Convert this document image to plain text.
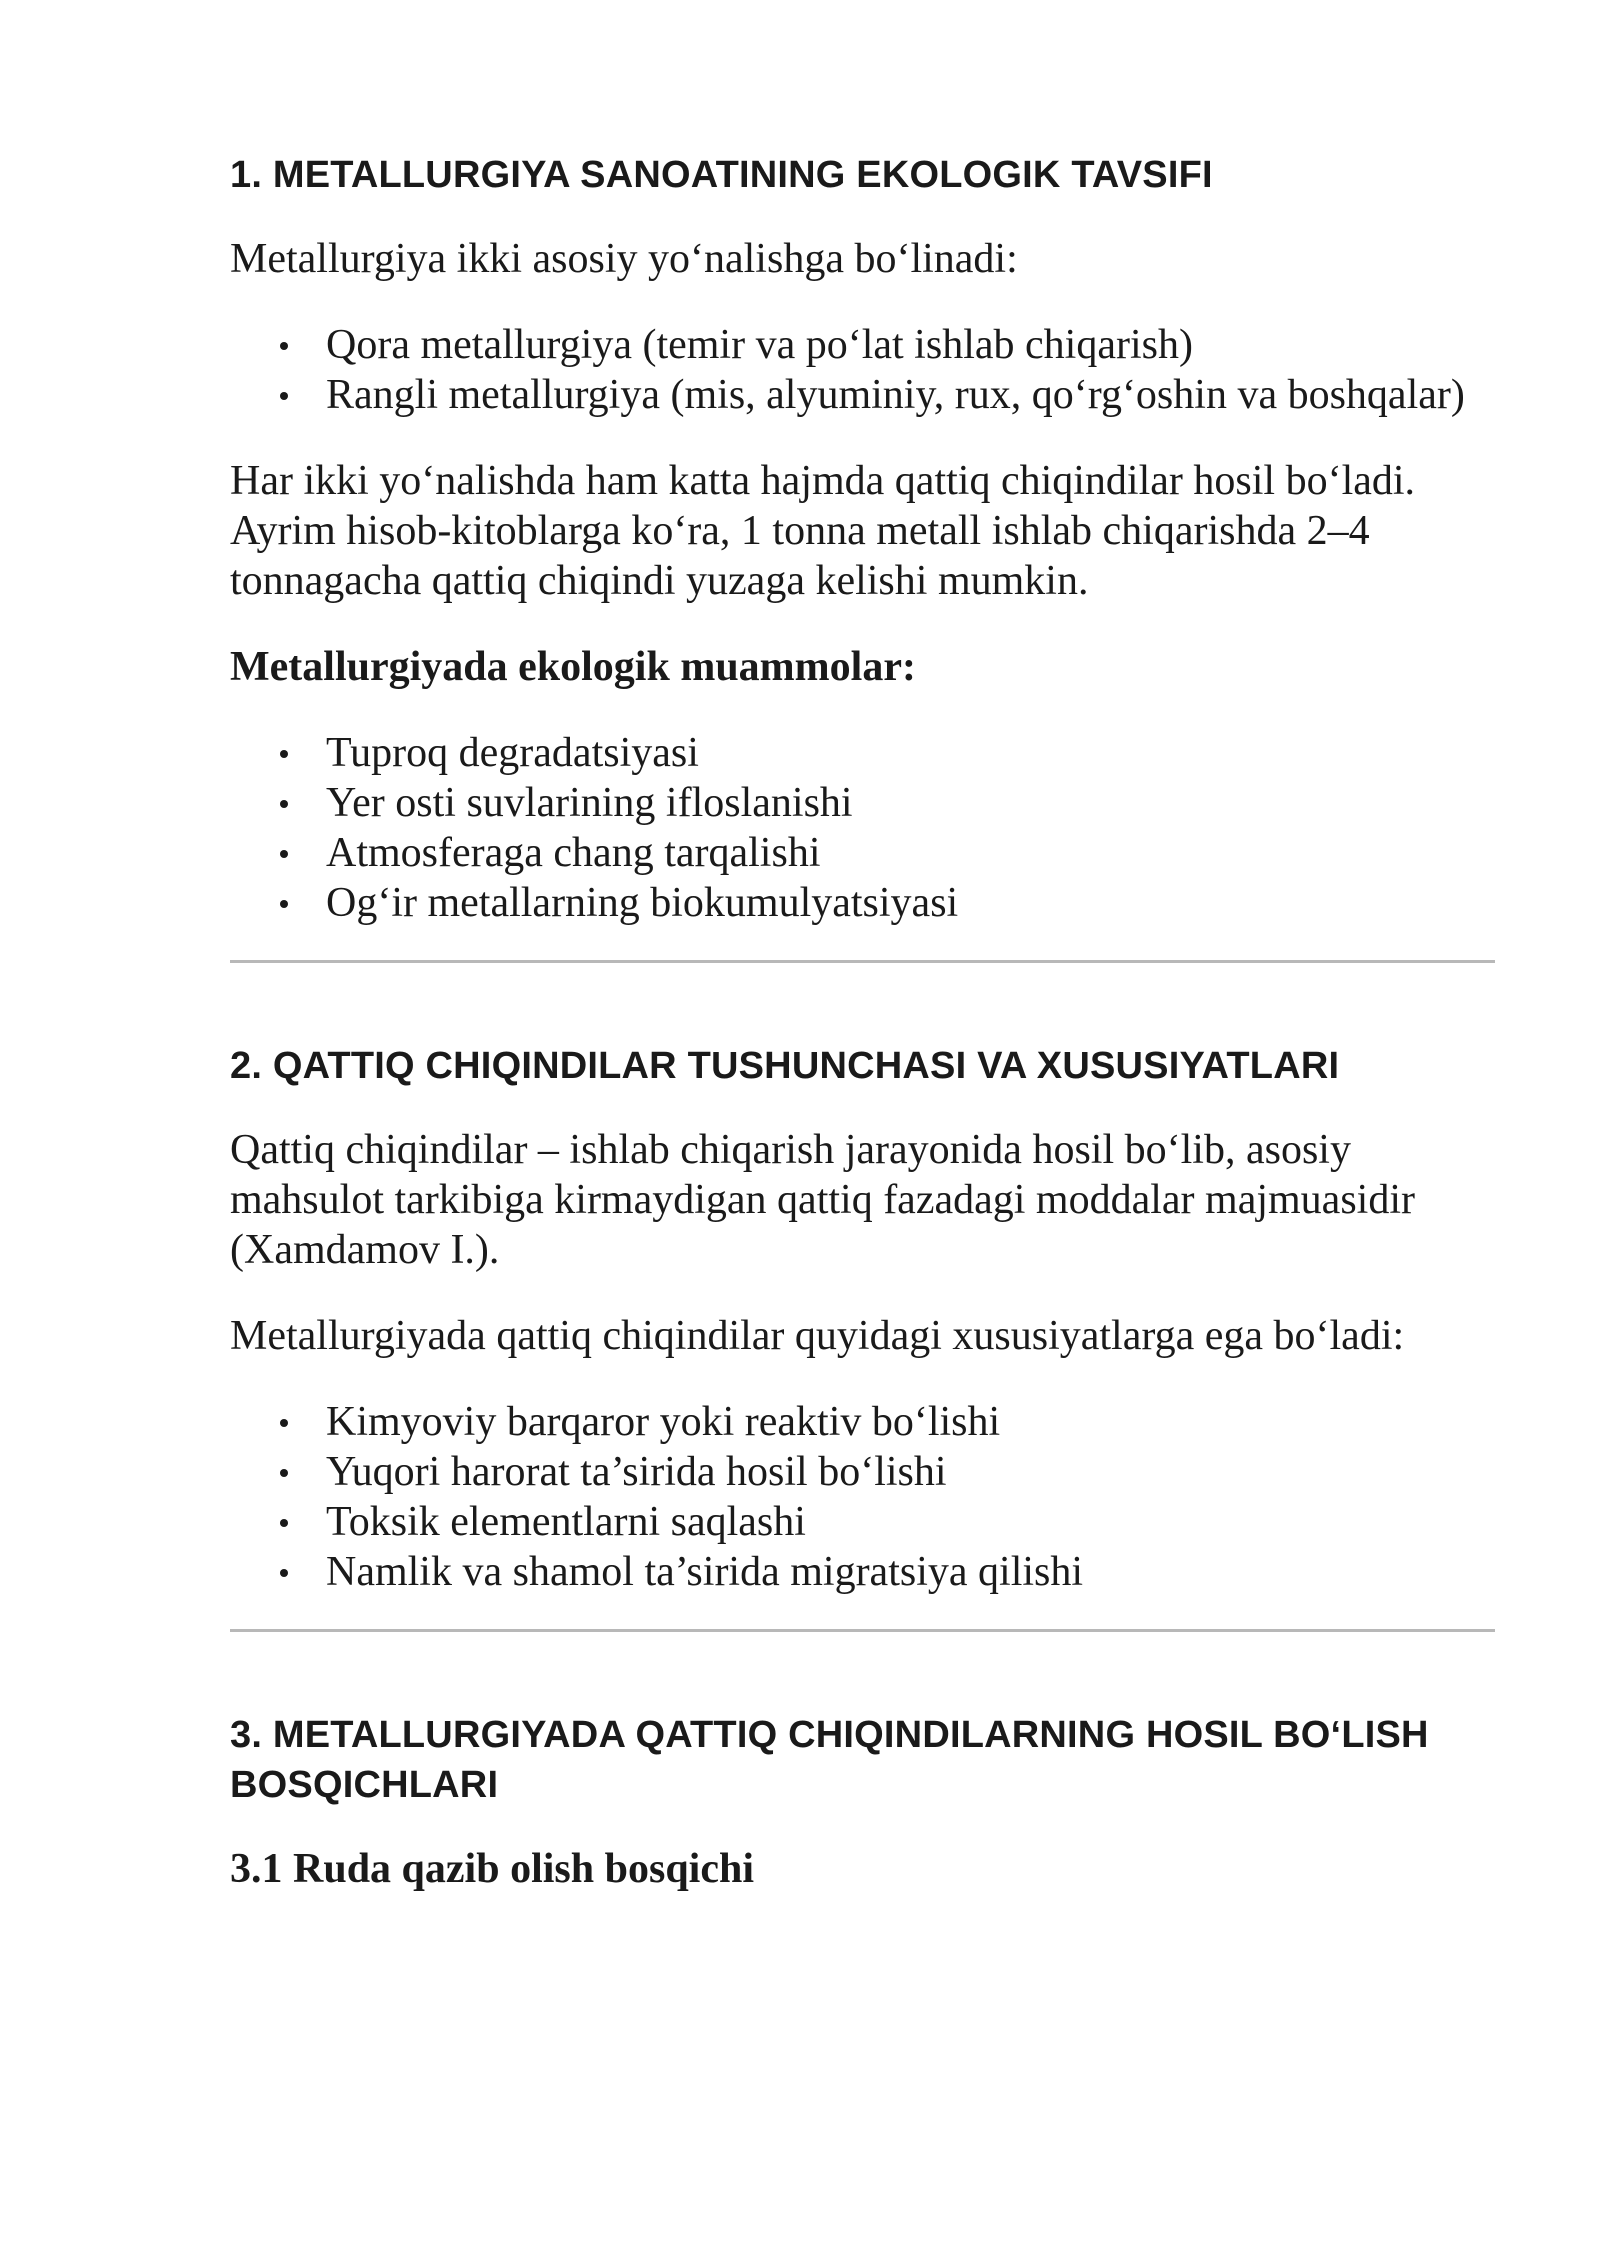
1. METALLURGIYA SANOATINING EKOLOGIK TAVSIFI

Metallurgiya ikki asosiy yo‘nalishga bo‘linadi:

Qora metallurgiya (temir va po‘lat ishlab chiqarish)
Rangli metallurgiya (mis, alyuminiy, rux, qo‘rg‘oshin va boshqalar)

Har ikki yo‘nalishda ham katta hajmda qattiq chiqindilar hosil bo‘ladi. Ayrim hisob-kitoblarga ko‘ra, 1 tonna metall ishlab chiqarishda 2–4 tonnagacha qattiq chiqindi yuzaga kelishi mumkin.

Metallurgiyada ekologik muammolar:
Tuproq degradatsiyasi
Yer osti suvlarining ifloslanishi
Atmosferaga chang tarqalishi
Og‘ir metallarning biokumulyatsiyasi
2. QATTIQ CHIQINDILAR TUSHUNCHASI VA XUSUSIYATLARI

Qattiq chiqindilar – ishlab chiqarish jarayonida hosil bo‘lib, asosiy mahsulot tarkibiga kirmaydigan qattiq fazadagi moddalar majmuasidir (Xamdamov I.).

Metallurgiyada qattiq chiqindilar quyidagi xususiyatlarga ega bo‘ladi:

Kimyoviy barqaror yoki reaktiv bo‘lishi
Yuqori harorat ta’sirida hosil bo‘lishi
Toksik elementlarni saqlashi
Namlik va shamol ta’sirida migratsiya qilishi
3. METALLURGIYADA QATTIQ CHIQINDILARNING HOSIL BO‘LISH BOSQICHLARI
3.1 Ruda qazib olish bosqichi
